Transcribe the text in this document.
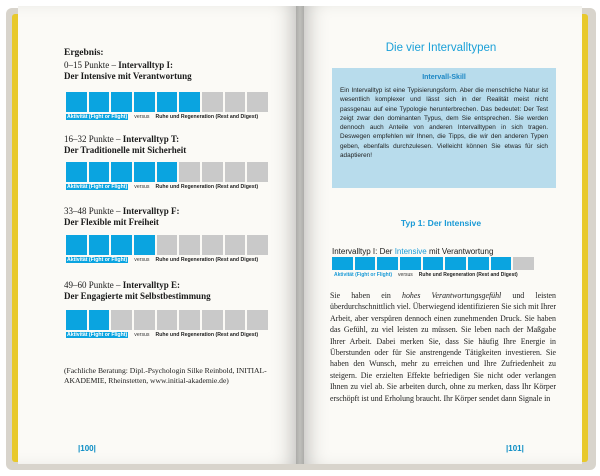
Ergebnis:
0–15 Punkte – Intervalltyp I:
Der Intensive mit Verantwortung
Aktivität (Fight or Flight) versus Ruhe und Regeneration (Rest and Digest)
16–32 Punkte – Intervalltyp T:
Der Traditionelle mit Sicherheit
Aktivität (Fight or Flight) versus Ruhe und Regeneration (Rest and Digest)
33–48 Punkte – Intervalltyp F:
Der Flexible mit Freiheit
Aktivität (Fight or Flight) versus Ruhe und Regeneration (Rest and Digest)
49–60 Punkte – Intervalltyp E:
Der Engagierte mit Selbstbestimmung
Aktivität (Fight or Flight) versus Ruhe und Regeneration (Rest and Digest)
(Fachliche Beratung: Dipl.-Psychologin Silke Reinbold, INITIAL-AKADEMIE, Rheinstetten, www.initial-akademie.de)
|100|
Die vier Intervalltypen
Intervall-Skill
Ein Intervalltyp ist eine Typisierungsform. Aber die menschliche Natur ist wesentlich komplexer und lässt sich in der Realität meist nicht passgenau auf eine Typologie herunterbrechen. Das bedeutet: Der Test zeigt zwar den dominanten Typus, dem Sie entsprechen. Sie werden dennoch auch Anteile von anderen Intervalltypen in sich tragen. Deswegen empfehlen wir Ihnen, die Tipps, die wir den anderen Typen geben, ebenfalls durchzulesen. Vielleicht können Sie etwas für sich adaptieren!
Typ 1: Der Intensive
Intervalltyp I: Der Intensive mit Verantwortung
Aktivität (Fight or Flight) versus Ruhe und Regeneration (Rest and Digest)
Sie haben ein hohes Verantwortungsgefühl und leisten überdurchschnittlich viel. Überwiegend identifizieren Sie sich mit Ihrer Arbeit, aber verspüren dennoch einen zunehmenden Druck. Sie haben das Gefühl, zu viel leisten zu müssen. Sie leben nach der Maßgabe Ihrer Arbeit. Dabei merken Sie, dass Sie häufig Ihre Energie in Überstunden oder für Sie anstrengende Tätigkeiten investieren. Sie haben den Wunsch, mehr zu erreichen und Ihre Zufriedenheit zu steigern. Die erzielten Effekte befriedigen Sie nicht oder verlangen Ihnen zu viel ab. Sie arbeiten durch, ohne zu merken, dass Ihr Körper erschöpft ist und Erholung braucht. Ihr Körper sendet dann Signale in
|101|
